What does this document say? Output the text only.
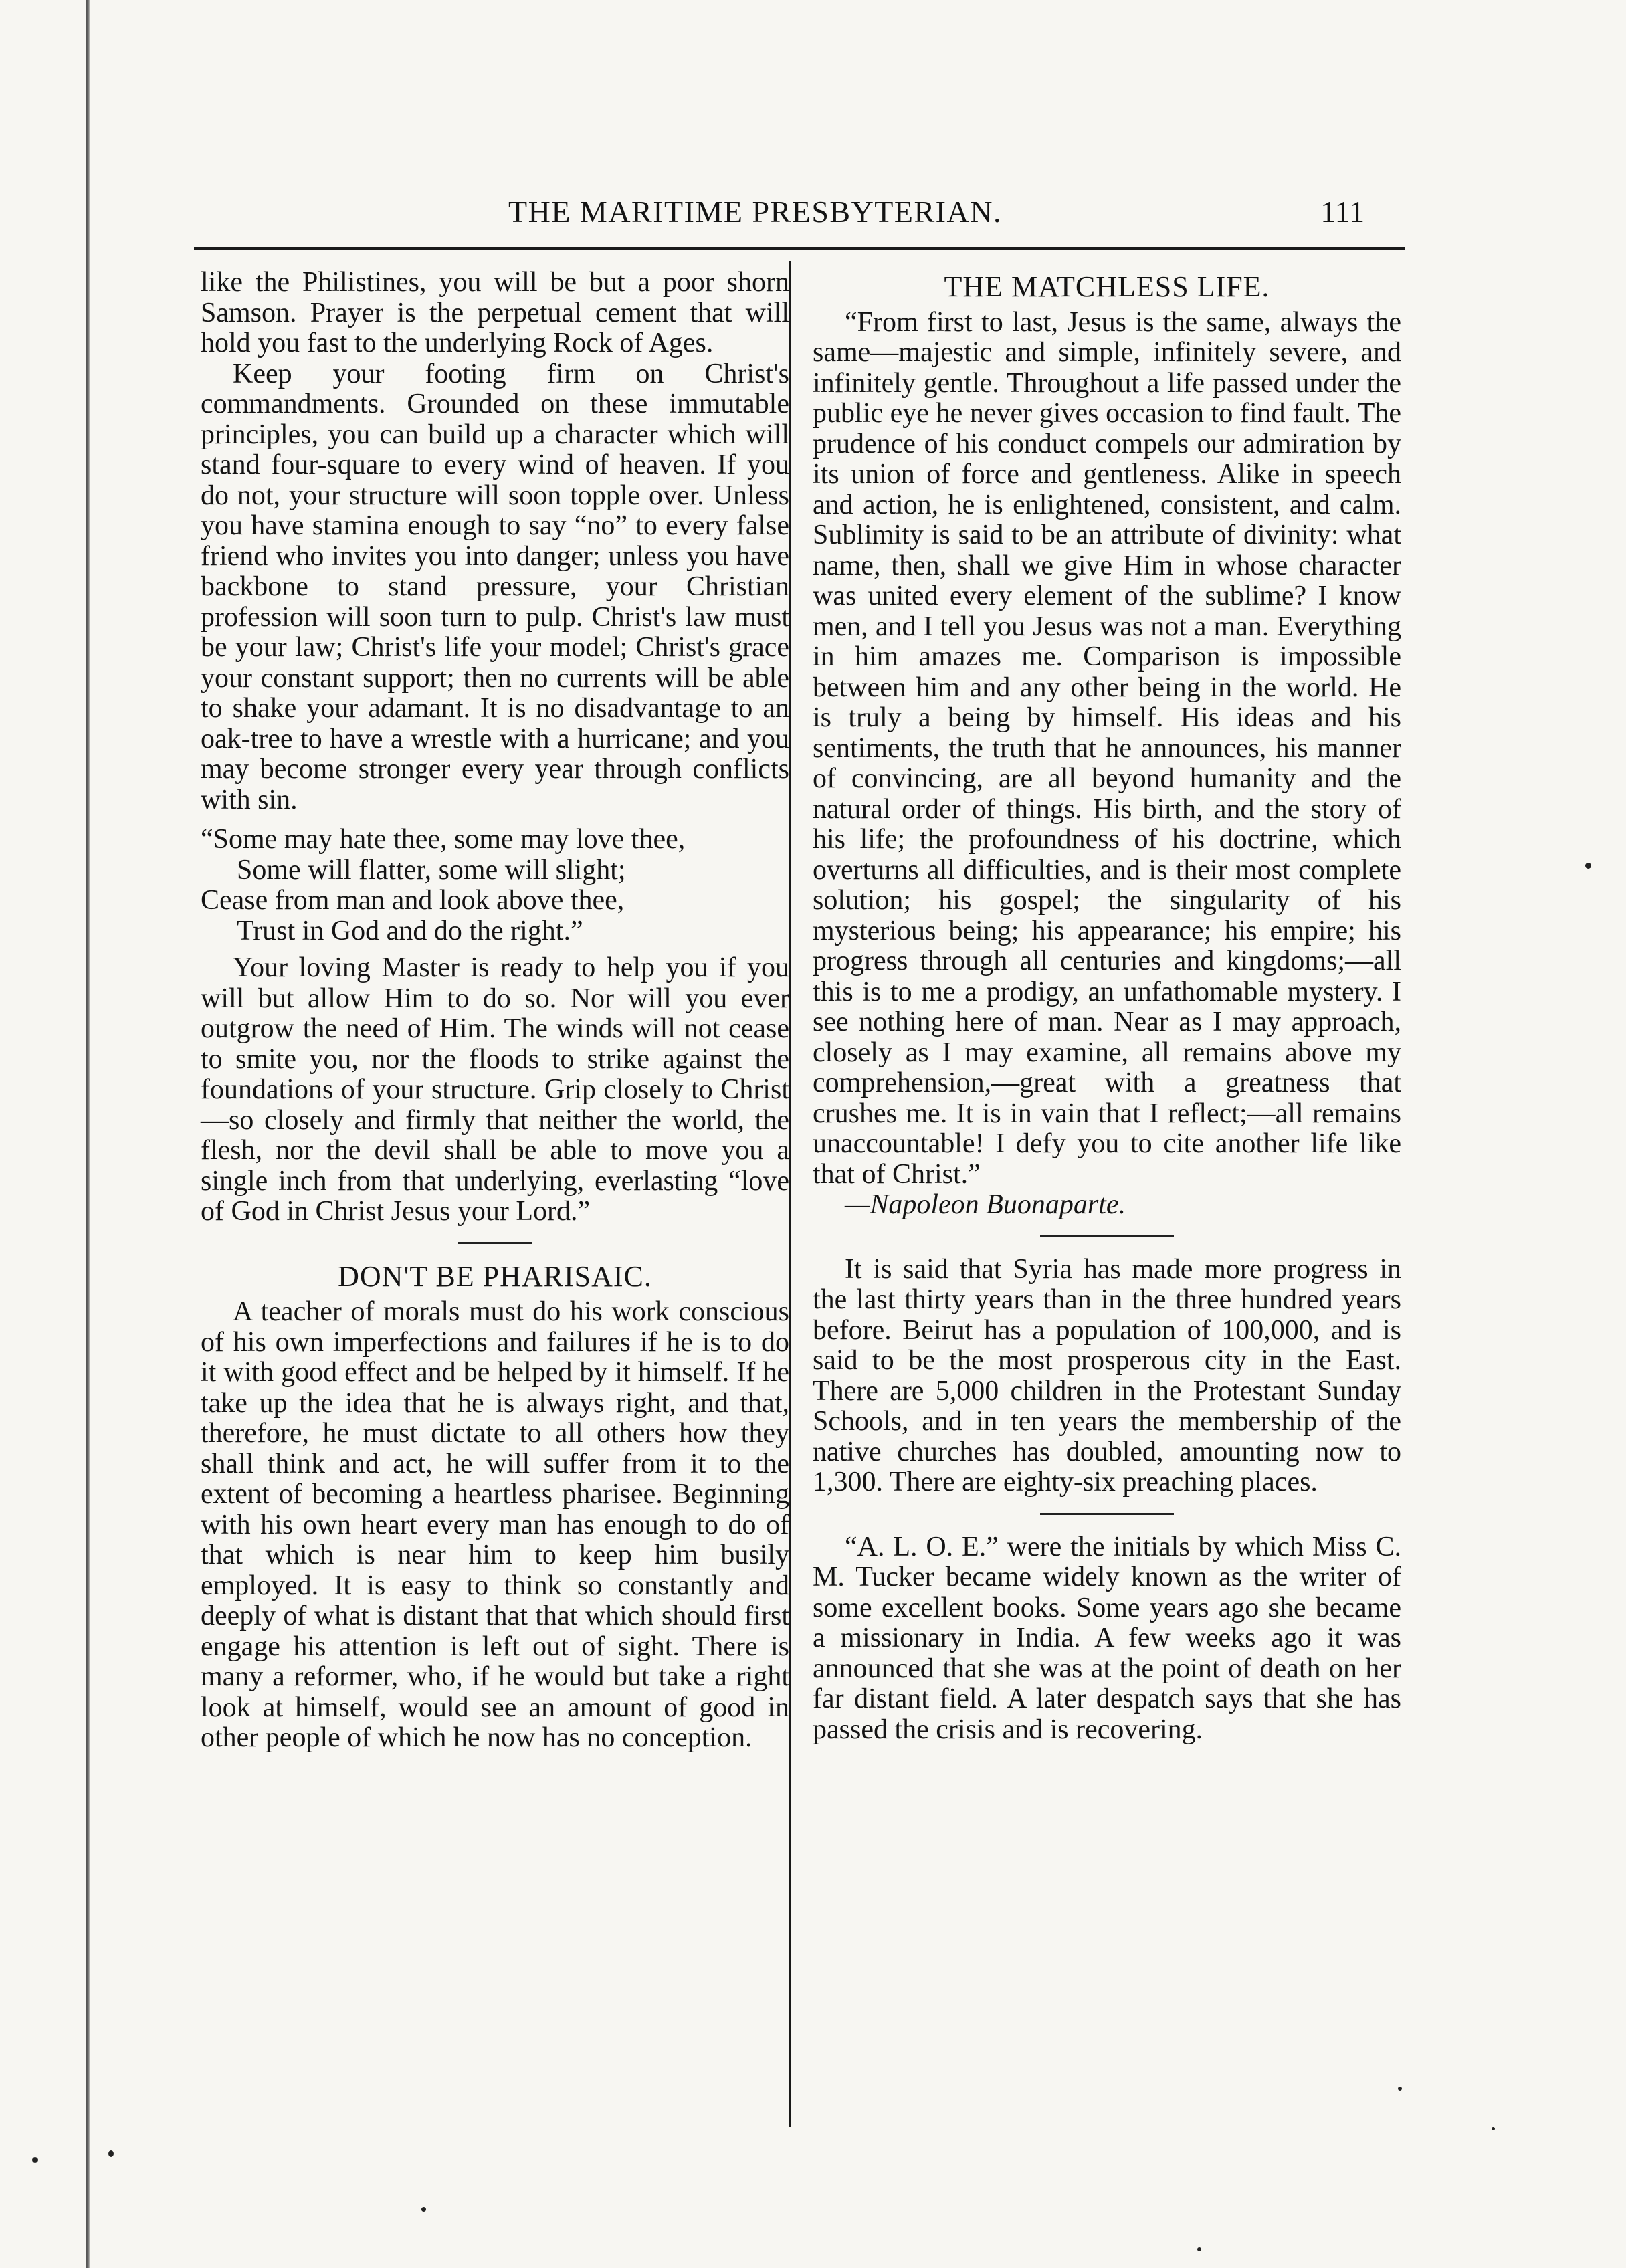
THE MARITIME PRESBYTERIAN.	111

like the Philistines, you will be but a poor shorn Samson. Prayer is the perpetual cement that will hold you fast to the underlying Rock of Ages.

Keep your footing firm on Christ's commandments. Grounded on these immutable principles, you can build up a character which will stand four-square to every wind of heaven. If you do not, your structure will soon topple over. Unless you have stamina enough to say “no” to every false friend who invites you into danger; unless you have backbone to stand pressure, your Christian profession will soon turn to pulp. Christ's law must be your law; Christ's life your model; Christ's grace your constant support; then no currents will be able to shake your adamant. It is no disadvantage to an oak-tree to have a wrestle with a hurricane; and you may become stronger every year through conflicts with sin.

“Some may hate thee, some may love thee,
Some will flatter, some will slight;
Cease from man and look above thee,
Trust in God and do the right.”

Your loving Master is ready to help you if you will but allow Him to do so. Nor will you ever outgrow the need of Him. The winds will not cease to smite you, nor the floods to strike against the foundations of your structure. Grip closely to Christ—so closely and firmly that neither the world, the flesh, nor the devil shall be able to move you a single inch from that underlying, everlasting “love of God in Christ Jesus your Lord.”

DON'T BE PHARISAIC.

A teacher of morals must do his work conscious of his own imperfections and failures if he is to do it with good effect and be helped by it himself. If he take up the idea that he is always right, and that, therefore, he must dictate to all others how they shall think and act, he will suffer from it to the extent of becoming a heartless pharisee. Beginning with his own heart every man has enough to do of that which is near him to keep him busily employed. It is easy to think so constantly and deeply of what is distant that that which should first engage his attention is left out of sight. There is many a reformer, who, if he would but take a right look at himself, would see an amount of good in other people of which he now has no conception.

THE MATCHLESS LIFE.

“From first to last, Jesus is the same, always the same—majestic and simple, infinitely severe, and infinitely gentle. Throughout a life passed under the public eye he never gives occasion to find fault. The prudence of his conduct compels our admiration by its union of force and gentleness. Alike in speech and action, he is enlightened, consistent, and calm. Sublimity is said to be an attribute of divinity: what name, then, shall we give Him in whose character was united every element of the sublime? I know men, and I tell you Jesus was not a man. Everything in him amazes me. Comparison is impossible between him and any other being in the world. He is truly a being by himself. His ideas and his sentiments, the truth that he announces, his manner of convincing, are all beyond humanity and the natural order of things. His birth, and the story of his life; the profoundness of his doctrine, which overturns all difficulties, and is their most complete solution; his gospel; the singularity of his mysterious being; his appearance; his empire; his progress through all centuries and kingdoms;—all this is to me a prodigy, an unfathomable mystery. I see nothing here of man. Near as I may approach, closely as I may examine, all remains above my comprehension,—great with a greatness that crushes me. It is in vain that I reflect;—all remains unaccountable! I defy you to cite another life like that of Christ.”

—Napoleon Buonaparte.

It is said that Syria has made more progress in the last thirty years than in the three hundred years before. Beirut has a population of 100,000, and is said to be the most prosperous city in the East. There are 5,000 children in the Protestant Sunday Schools, and in ten years the membership of the native churches has doubled, amounting now to 1,300. There are eighty-six preaching places.

“A. L. O. E.” were the initials by which Miss C. M. Tucker became widely known as the writer of some excellent books. Some years ago she became a missionary in India. A few weeks ago it was announced that she was at the point of death on her far distant field. A later despatch says that she has passed the crisis and is recovering.
